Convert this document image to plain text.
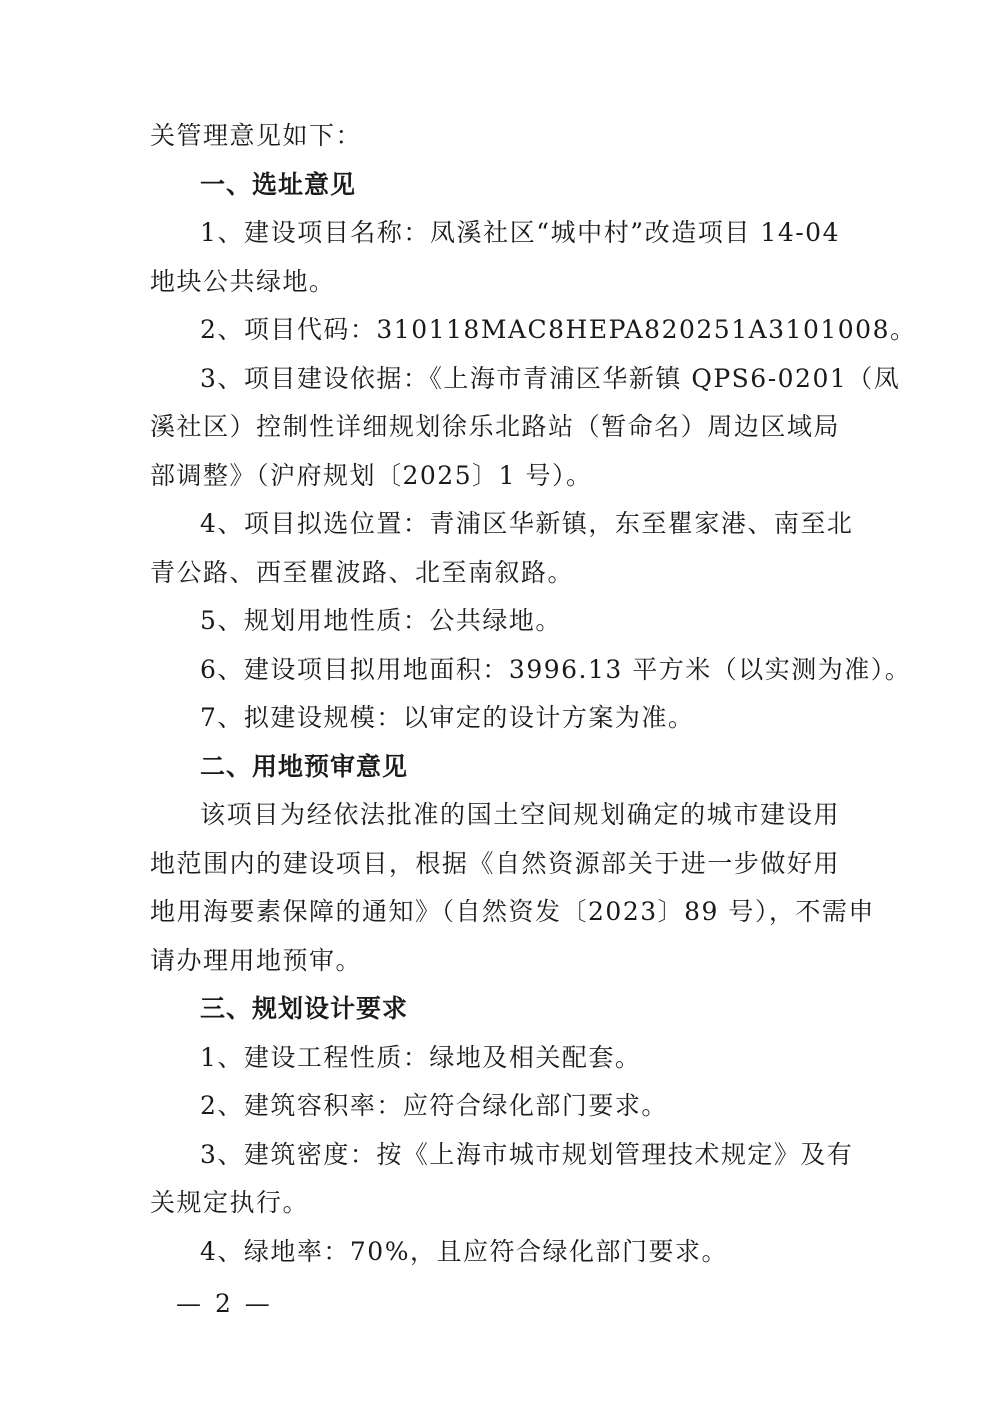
关管理意见如下：
一、选址意见
1、建设项目名称：凤溪社区“城中村”改造项目 14-04
地块公共绿地。
2、项目代码：310118MAC8HEPA820251A3101008。
3、项目建设依据：《上海市青浦区华新镇 QPS6-0201（凤
溪社区）控制性详细规划徐乐北路站（暂命名）周边区域局
部调整》（沪府规划〔2025〕1 号）。
4、项目拟选位置：青浦区华新镇，东至瞿家港、南至北
青公路、西至瞿波路、北至南叙路。
5、规划用地性质：公共绿地。
6、建设项目拟用地面积：3996.13 平方米（以实测为准）。
7、拟建设规模：以审定的设计方案为准。
二、用地预审意见
该项目为经依法批准的国土空间规划确定的城市建设用
地范围内的建设项目，根据《自然资源部关于进一步做好用
地用海要素保障的通知》（自然资发〔2023〕89 号），不需申
请办理用地预审。
三、规划设计要求
1、建设工程性质：绿地及相关配套。
2、建筑容积率：应符合绿化部门要求。
3、建筑密度：按《上海市城市规划管理技术规定》及有
关规定执行。
4、绿地率：70%，且应符合绿化部门要求。
— 2 —
